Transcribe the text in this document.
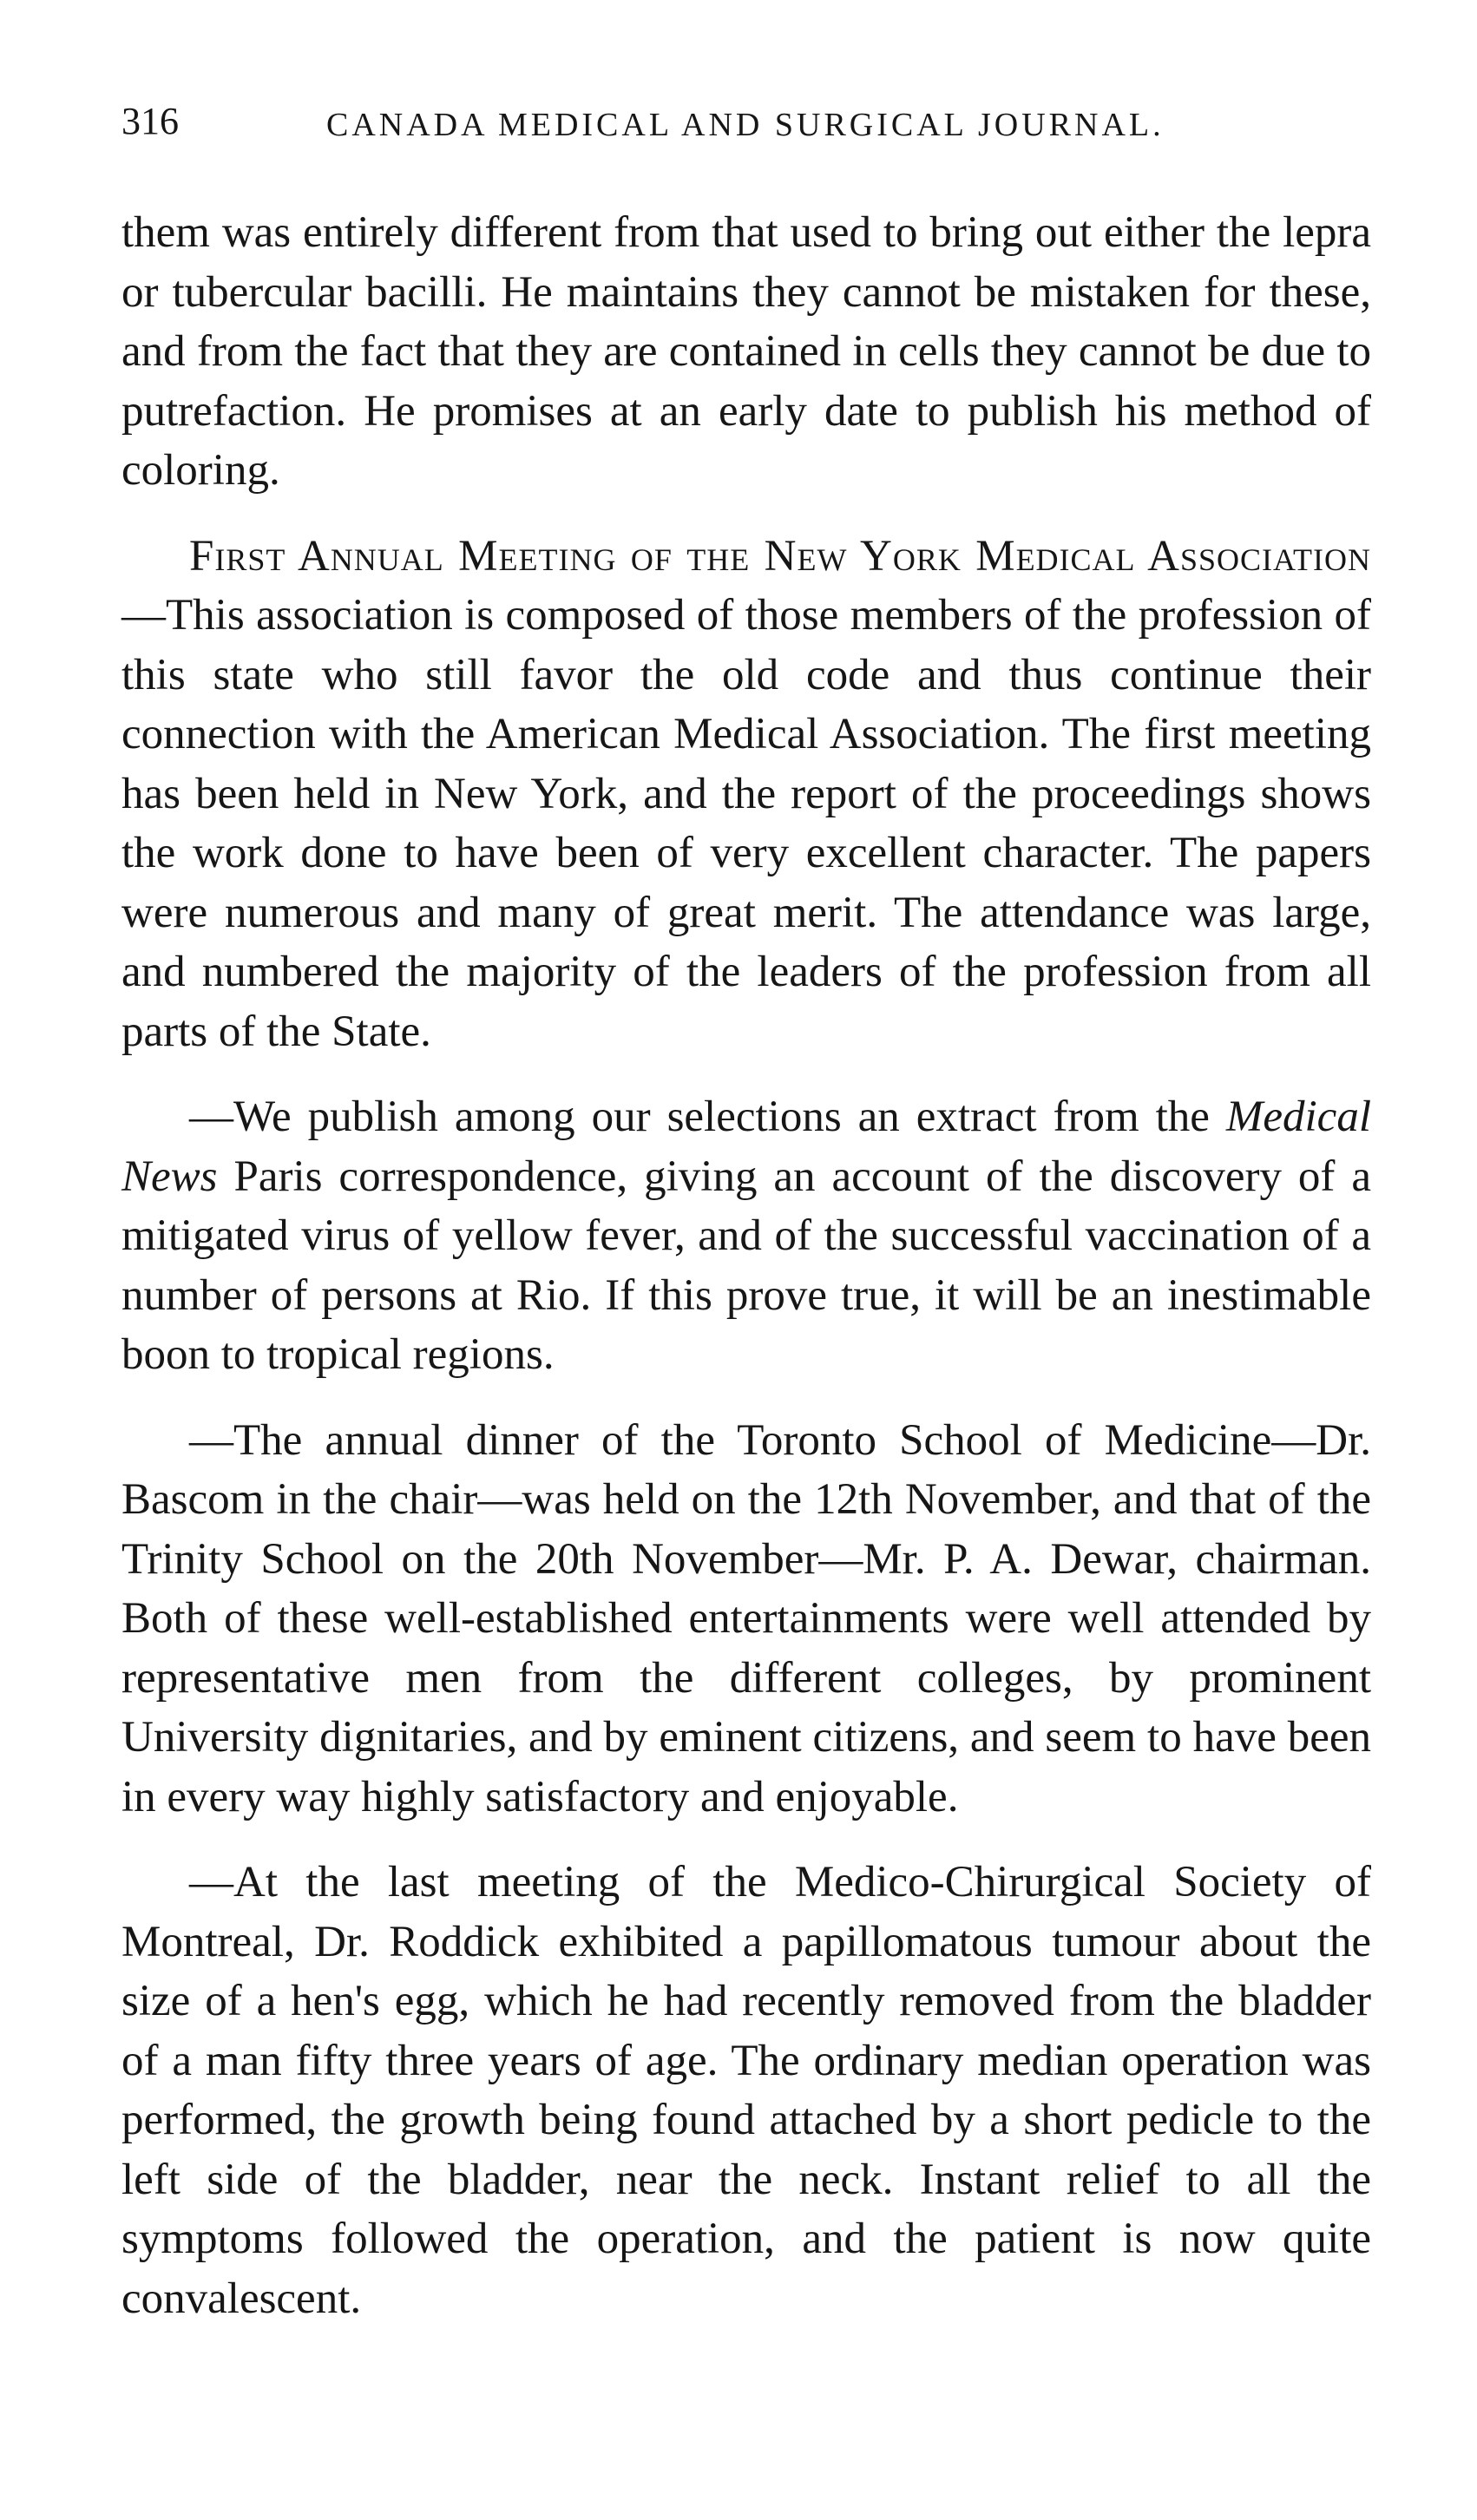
316	CANADA MEDICAL AND SURGICAL JOURNAL.

them was entirely different from that used to bring out either the lepra or tubercular bacilli. He maintains they cannot be mistaken for these, and from the fact that they are contained in cells they cannot be due to putrefaction. He promises at an early date to publish his method of coloring.

First Annual Meeting of the New York Medical Association—This association is composed of those members of the profession of this state who still favor the old code and thus continue their connection with the American Medical Association. The first meeting has been held in New York, and the report of the proceedings shows the work done to have been of very excellent character. The papers were numerous and many of great merit. The attendance was large, and numbered the majority of the leaders of the profession from all parts of the State.

—We publish among our selections an extract from the Medical News Paris correspondence, giving an account of the discovery of a mitigated virus of yellow fever, and of the successful vaccination of a number of persons at Rio. If this prove true, it will be an inestimable boon to tropical regions.

—The annual dinner of the Toronto School of Medicine—Dr. Bascom in the chair—was held on the 12th November, and that of the Trinity School on the 20th November—Mr. P. A. Dewar, chairman. Both of these well-established entertainments were well attended by representative men from the different colleges, by prominent University dignitaries, and by eminent citizens, and seem to have been in every way highly satisfactory and enjoyable.

—At the last meeting of the Medico-Chirurgical Society of Montreal, Dr. Roddick exhibited a papillomatous tumour about the size of a hen's egg, which he had recently removed from the bladder of a man fifty three years of age. The ordinary median operation was performed, the growth being found attached by a short pedicle to the left side of the bladder, near the neck. Instant relief to all the symptoms followed the operation, and the patient is now quite convalescent.
